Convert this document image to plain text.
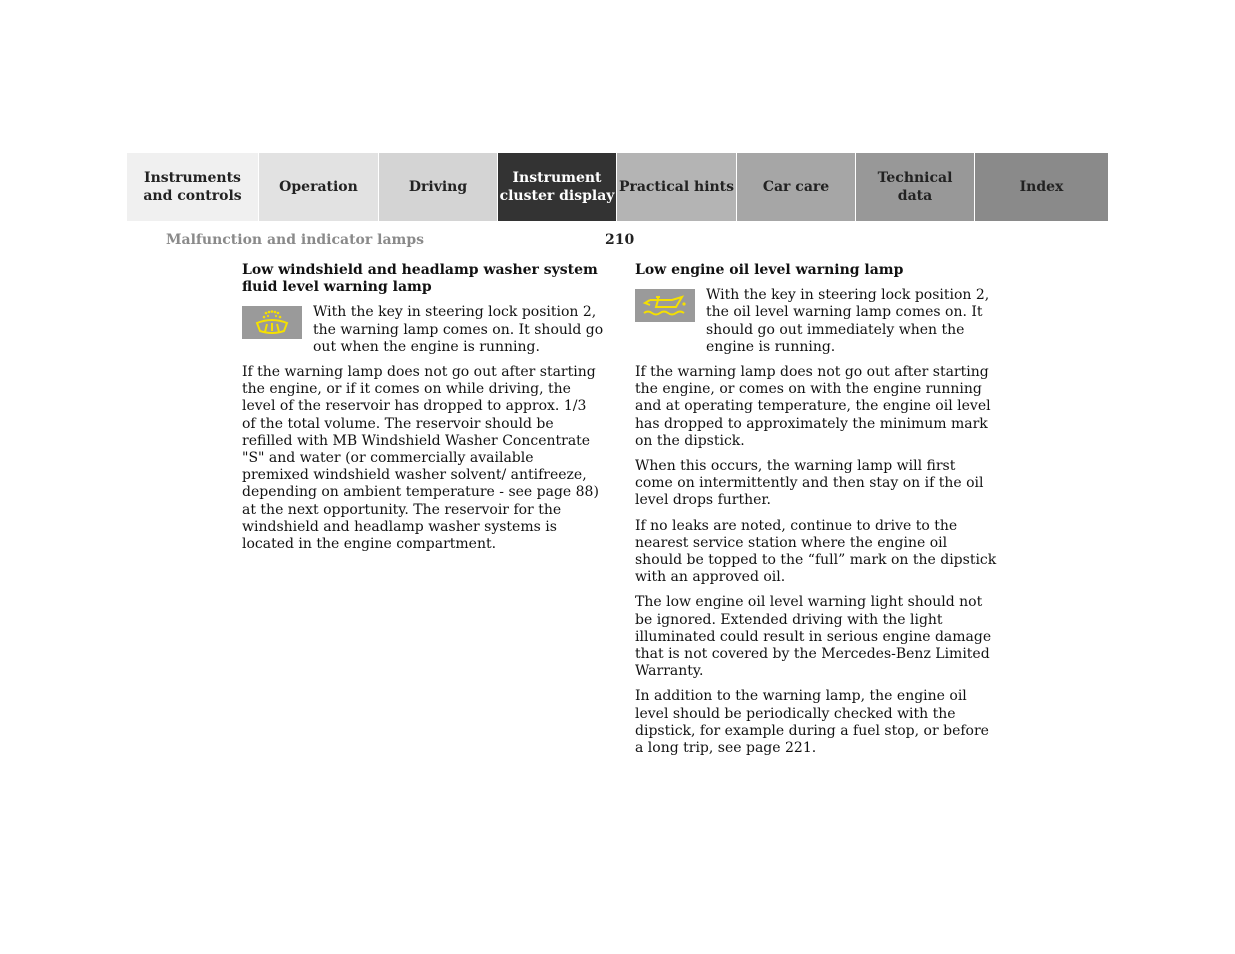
Instruments
and controls
Operation	Driving
Instrument
cluster display
Practical hints	Car care
Technical
data
Index
Malfunction and indicator lamps	210
Low windshield and headlamp washer system fluid level warning lamp
With the key in steering lock position 2, the warning lamp comes on. It should go out when the engine is running.

If the warning lamp does not go out after starting the engine, or if it comes on while driving, the level of the reservoir has dropped to approx. 1/3 of the total volume. The reservoir should be refilled with MB Windshield Washer Concentrate "S" and water (or commercially available premixed windshield washer solvent/ antifreeze, depending on ambient temperature - see page 88) at the next opportunity. The reservoir for the windshield and headlamp washer systems is located in the engine compartment.

Low engine oil level warning lamp
With the key in steering lock position 2, the oil level warning lamp comes on. It should go out immediately when the engine is running.

If the warning lamp does not go out after starting the engine, or comes on with the engine running and at operating temperature, the engine oil level has dropped to approximately the minimum mark on the dipstick.

When this occurs, the warning lamp will first come on intermittently and then stay on if the oil level drops further.

If no leaks are noted, continue to drive to the nearest service station where the engine oil should be topped to the “full” mark on the dipstick with an approved oil.

The low engine oil level warning light should not be ignored. Extended driving with the light illuminated could result in serious engine damage that is not covered by the Mercedes-Benz Limited Warranty.

In addition to the warning lamp, the engine oil level should be periodically checked with the dipstick, for example during a fuel stop, or before a long trip, see page 221.
